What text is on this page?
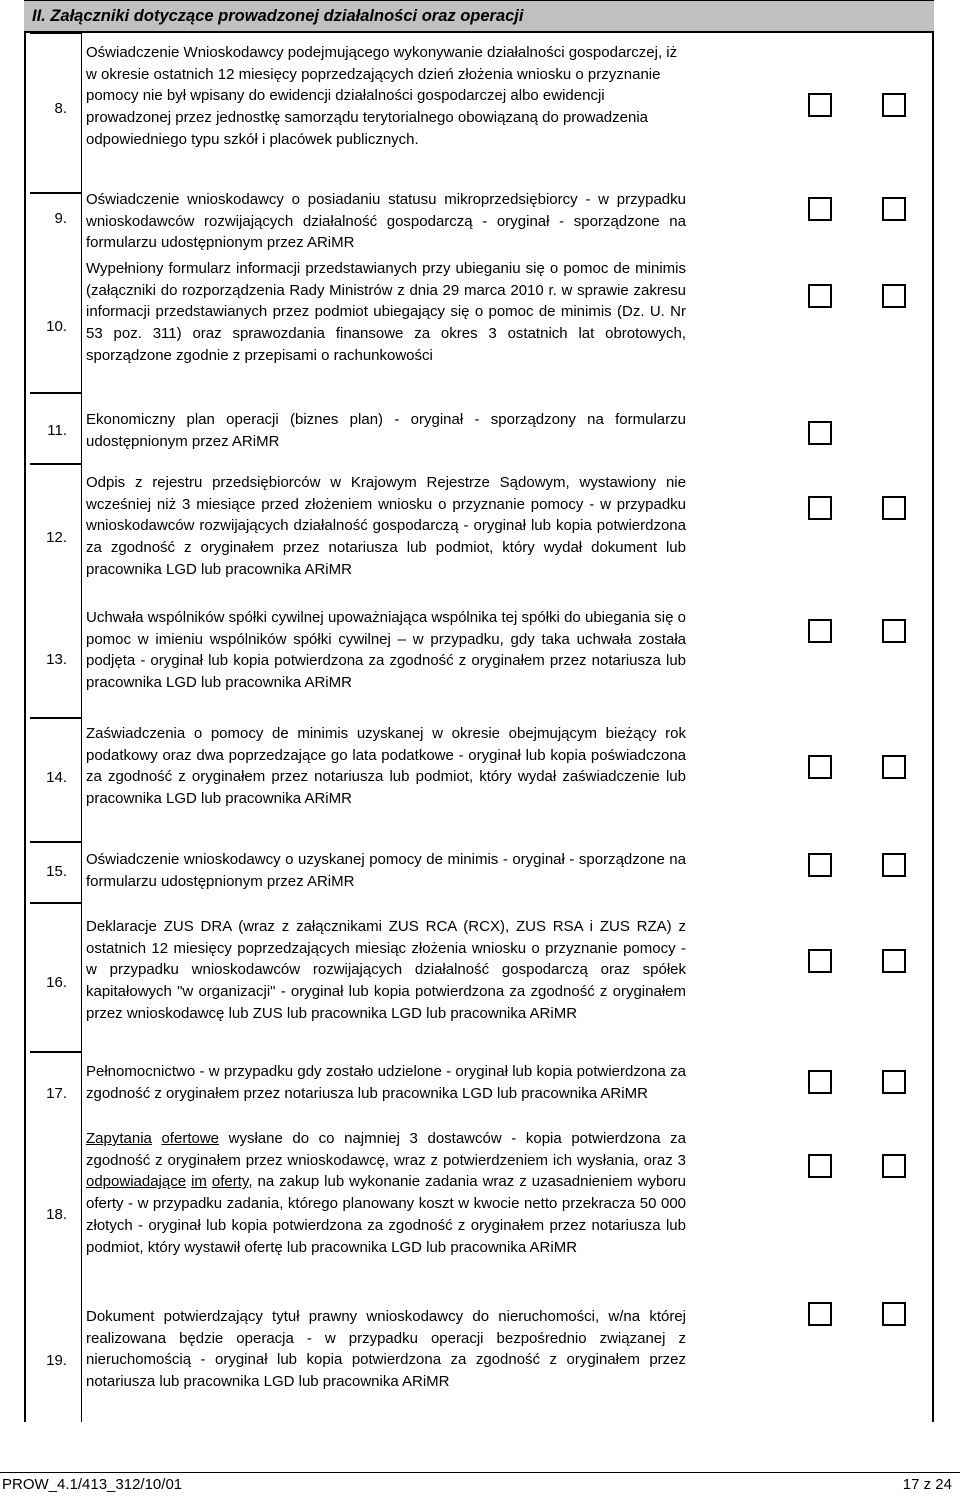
II. Załączniki dotyczące prowadzonej działalności oraz operacji
8.
Oświadczenie Wnioskodawcy podejmującego wykonywanie działalności gospodarczej, iż w okresie ostatnich 12 miesięcy poprzedzających dzień złożenia wniosku o przyznanie pomocy nie był wpisany do ewidencji działalności gospodarczej albo ewidencji prowadzonej przez jednostkę samorządu terytorialnego obowiązaną do prowadzenia odpowiedniego typu szkół i placówek publicznych.
9.
10.
Oświadczenie wnioskodawcy o posiadaniu statusu mikroprzedsiębiorcy - w przypadku wnioskodawców rozwijających działalność gospodarczą - oryginał - sporządzone na formularzu udostępnionym przez ARiMR
Wypełniony formularz informacji przedstawianych przy ubieganiu się o pomoc de minimis (załączniki do rozporządzenia Rady Ministrów z dnia 29 marca 2010 r. w sprawie zakresu informacji przedstawianych przez podmiot ubiegający się o pomoc de minimis (Dz. U. Nr 53 poz. 311) oraz sprawozdania finansowe za okres 3 ostatnich lat obrotowych, sporządzone zgodnie z przepisami o rachunkowości
11.
Ekonomiczny plan operacji (biznes plan) - oryginał - sporządzony na formularzu udostępnionym przez ARiMR
12.
13.
Odpis z rejestru przedsiębiorców w Krajowym Rejestrze Sądowym, wystawiony nie wcześniej niż 3 miesiące przed złożeniem wniosku o przyznanie pomocy - w przypadku wnioskodawców rozwijających działalność gospodarczą - oryginał lub kopia potwierdzona za zgodność z oryginałem przez notariusza lub podmiot, który wydał dokument lub pracownika LGD lub pracownika ARiMR
Uchwała wspólników spółki cywilnej upoważniająca wspólnika tej spółki do ubiegania się o pomoc w imieniu wspólników spółki cywilnej – w przypadku, gdy taka uchwała została podjęta - oryginał lub kopia potwierdzona za zgodność z oryginałem przez notariusza lub pracownika LGD lub pracownika ARiMR
14.
Zaświadczenia o pomocy de minimis uzyskanej w okresie obejmującym bieżący rok podatkowy oraz dwa poprzedzające go lata podatkowe - oryginał lub kopia poświadczona za zgodność z oryginałem przez notariusza lub podmiot, który wydał zaświadczenie lub pracownika LGD lub pracownika ARiMR
15.
Oświadczenie wnioskodawcy o uzyskanej pomocy de minimis - oryginał - sporządzone na formularzu udostępnionym przez ARiMR
16.
Deklaracje ZUS DRA (wraz z załącznikami ZUS RCA (RCX), ZUS RSA i ZUS RZA) z ostatnich 12 miesięcy poprzedzających miesiąc złożenia wniosku o przyznanie pomocy - w przypadku wnioskodawców rozwijających działalność gospodarczą oraz spółek kapitałowych "w organizacji" - oryginał lub kopia potwierdzona za zgodność z oryginałem przez wnioskodawcę lub ZUS lub pracownika LGD lub pracownika ARiMR
17.
18.
19.
Pełnomocnictwo - w przypadku gdy zostało udzielone - oryginał lub kopia potwierdzona za zgodność z oryginałem przez notariusza lub pracownika LGD lub pracownika ARiMR
Zapytania ofertowe wysłane do co najmniej 3 dostawców - kopia potwierdzona za zgodność z oryginałem przez wnioskodawcę, wraz z potwierdzeniem ich wysłania, oraz 3 odpowiadające im oferty, na zakup lub wykonanie zadania wraz z uzasadnieniem wyboru oferty - w przypadku zadania, którego planowany koszt w kwocie netto przekracza 50 000 złotych - oryginał lub kopia potwierdzona za zgodność z oryginałem przez notariusza lub podmiot, który wystawił ofertę lub pracownika LGD lub pracownika ARiMR
Dokument potwierdzający tytuł prawny wnioskodawcy do nieruchomości, w/na której realizowana będzie operacja - w przypadku operacji bezpośrednio związanej z nieruchomością - oryginał lub kopia potwierdzona za zgodność z oryginałem przez notariusza lub pracownika LGD lub pracownika ARiMR
PROW_4.1/413_312/10/01	17 z 24
